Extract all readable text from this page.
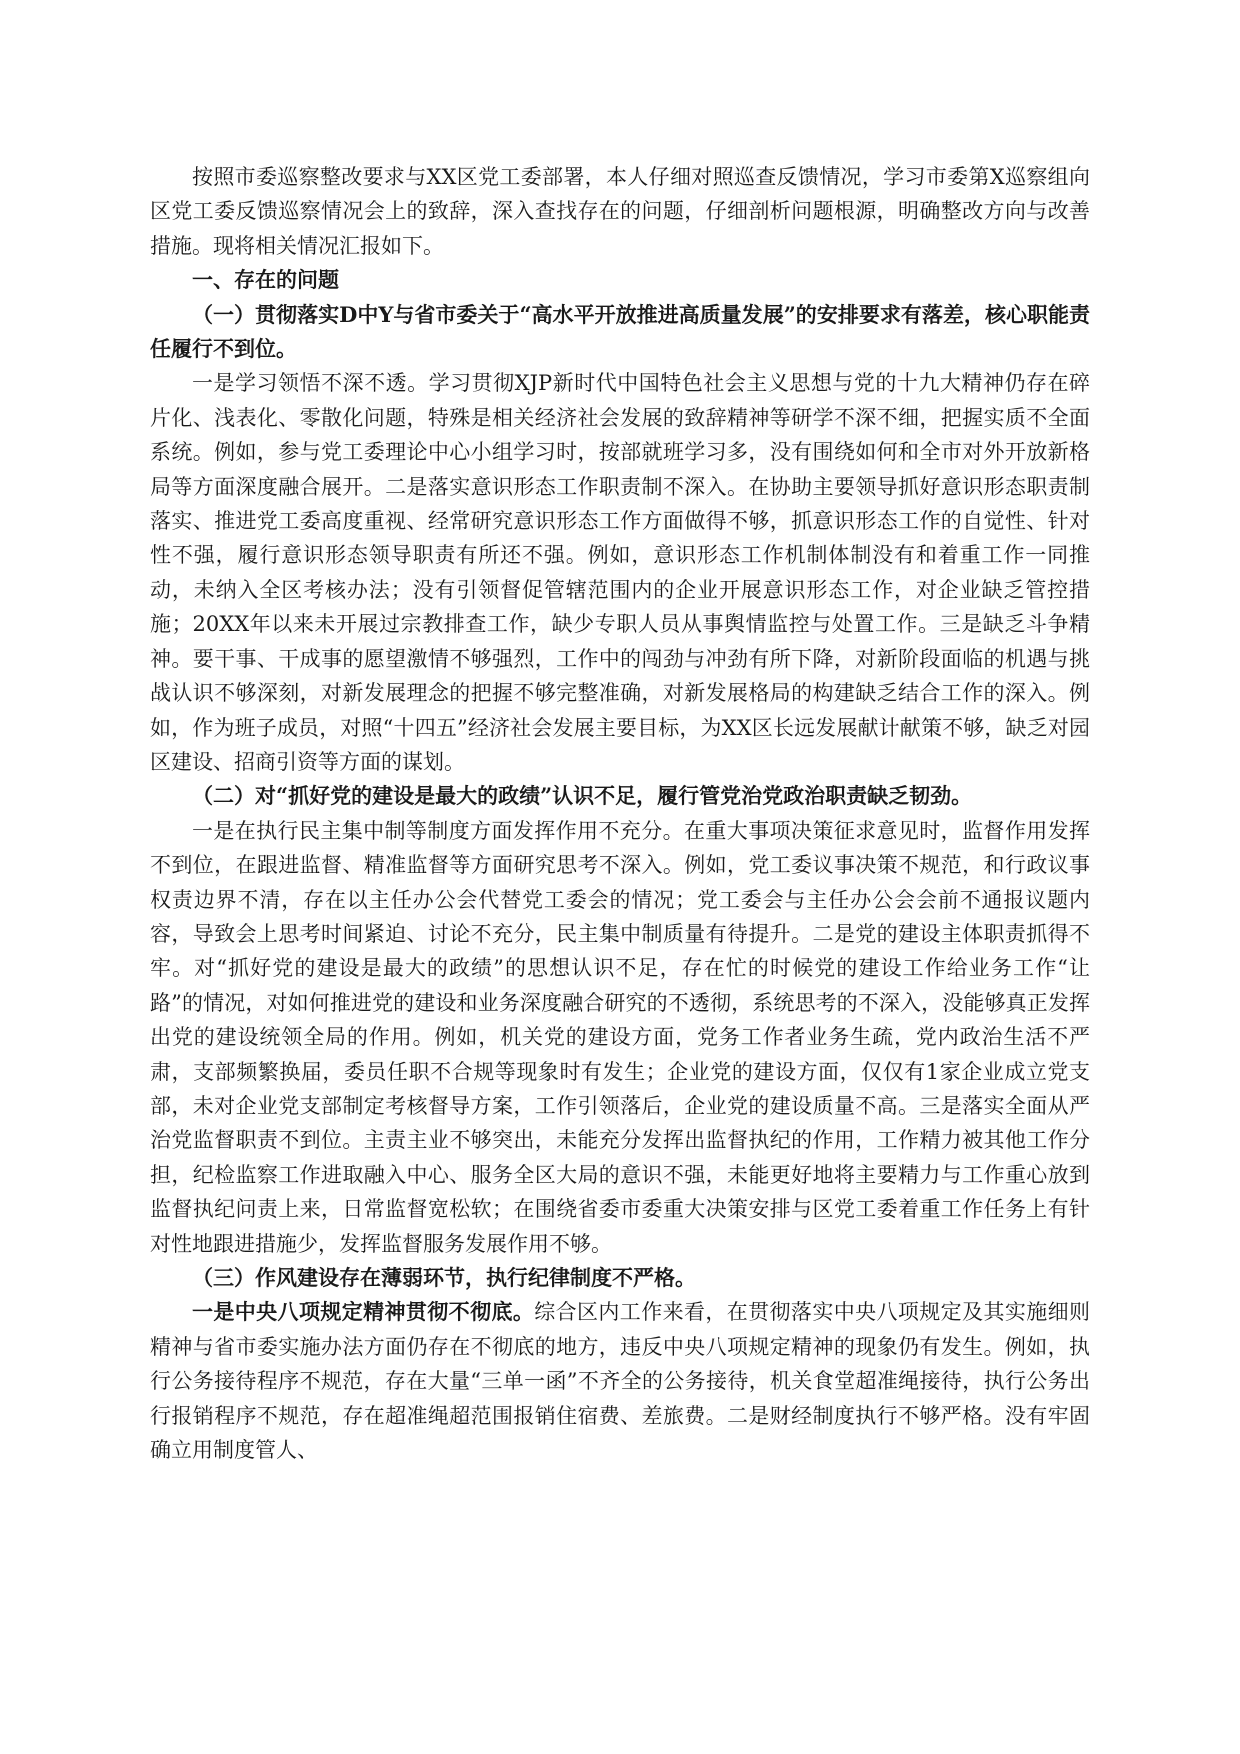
按照市委巡察整改要求与XX区党工委部署，本人仔细对照巡查反馈情况，学习市委第X巡察组向区党工委反馈巡察情况会上的致辞，深入查找存在的问题，仔细剖析问题根源，明确整改方向与改善措施。现将相关情况汇报如下。

一、存在的问题
（一）贯彻落实D中Y与省市委关于“高水平开放推进高质量发展”的安排要求有落差，核心职能责任履行不到位。

一是学习领悟不深不透。学习贯彻XJP新时代中国特色社会主义思想与党的十九大精神仍存在碎片化、浅表化、零散化问题，特殊是相关经济社会发展的致辞精神等研学不深不细，把握实质不全面系统。例如，参与党工委理论中心小组学习时，按部就班学习多，没有围绕如何和全市对外开放新格局等方面深度融合展开。二是落实意识形态工作职责制不深入。在协助主要领导抓好意识形态职责制落实、推进党工委高度重视、经常研究意识形态工作方面做得不够，抓意识形态工作的自觉性、针对性不强，履行意识形态领导职责有所还不强。例如，意识形态工作机制体制没有和着重工作一同推动，未纳入全区考核办法；没有引领督促管辖范围内的企业开展意识形态工作，对企业缺乏管控措施；20XX年以来未开展过宗教排查工作，缺少专职人员从事舆情监控与处置工作。三是缺乏斗争精神。要干事、干成事的愿望激情不够强烈，工作中的闯劲与冲劲有所下降，对新阶段面临的机遇与挑战认识不够深刻，对新发展理念的把握不够完整准确，对新发展格局的构建缺乏结合工作的深入。例如，作为班子成员，对照“十四五”经济社会发展主要目标，为XX区长远发展献计献策不够，缺乏对园区建设、招商引资等方面的谋划。

（二）对“抓好党的建设是最大的政绩”认识不足，履行管党治党政治职责缺乏韧劲。

一是在执行民主集中制等制度方面发挥作用不充分。在重大事项决策征求意见时，监督作用发挥不到位，在跟进监督、精准监督等方面研究思考不深入。例如，党工委议事决策不规范，和行政议事权责边界不清，存在以主任办公会代替党工委会的情况；党工委会与主任办公会会前不通报议题内容，导致会上思考时间紧迫、讨论不充分，民主集中制质量有待提升。二是党的建设主体职责抓得不牢。对“抓好党的建设是最大的政绩”的思想认识不足，存在忙的时候党的建设工作给业务工作“让路”的情况，对如何推进党的建设和业务深度融合研究的不透彻，系统思考的不深入，没能够真正发挥出党的建设统领全局的作用。例如，机关党的建设方面，党务工作者业务生疏，党内政治生活不严肃，支部频繁换届，委员任职不合规等现象时有发生；企业党的建设方面，仅仅有1家企业成立党支部，未对企业党支部制定考核督导方案，工作引领落后，企业党的建设质量不高。三是落实全面从严治党监督职责不到位。主责主业不够突出，未能充分发挥出监督执纪的作用，工作精力被其他工作分担，纪检监察工作进取融入中心、服务全区大局的意识不强，未能更好地将主要精力与工作重心放到监督执纪问责上来，日常监督宽松软；在围绕省委市委重大决策安排与区党工委着重工作任务上有针对性地跟进措施少，发挥监督服务发展作用不够。

（三）作风建设存在薄弱环节，执行纪律制度不严格。

一是中央八项规定精神贯彻不彻底。综合区内工作来看，在贯彻落实中央八项规定及其实施细则精神与省市委实施办法方面仍存在不彻底的地方，违反中央八项规定精神的现象仍有发生。例如，执行公务接待程序不规范，存在大量“三单一函”不齐全的公务接待，机关食堂超准绳接待，执行公务出行报销程序不规范，存在超准绳超范围报销住宿费、差旅费。二是财经制度执行不够严格。没有牢固确立用制度管人、
